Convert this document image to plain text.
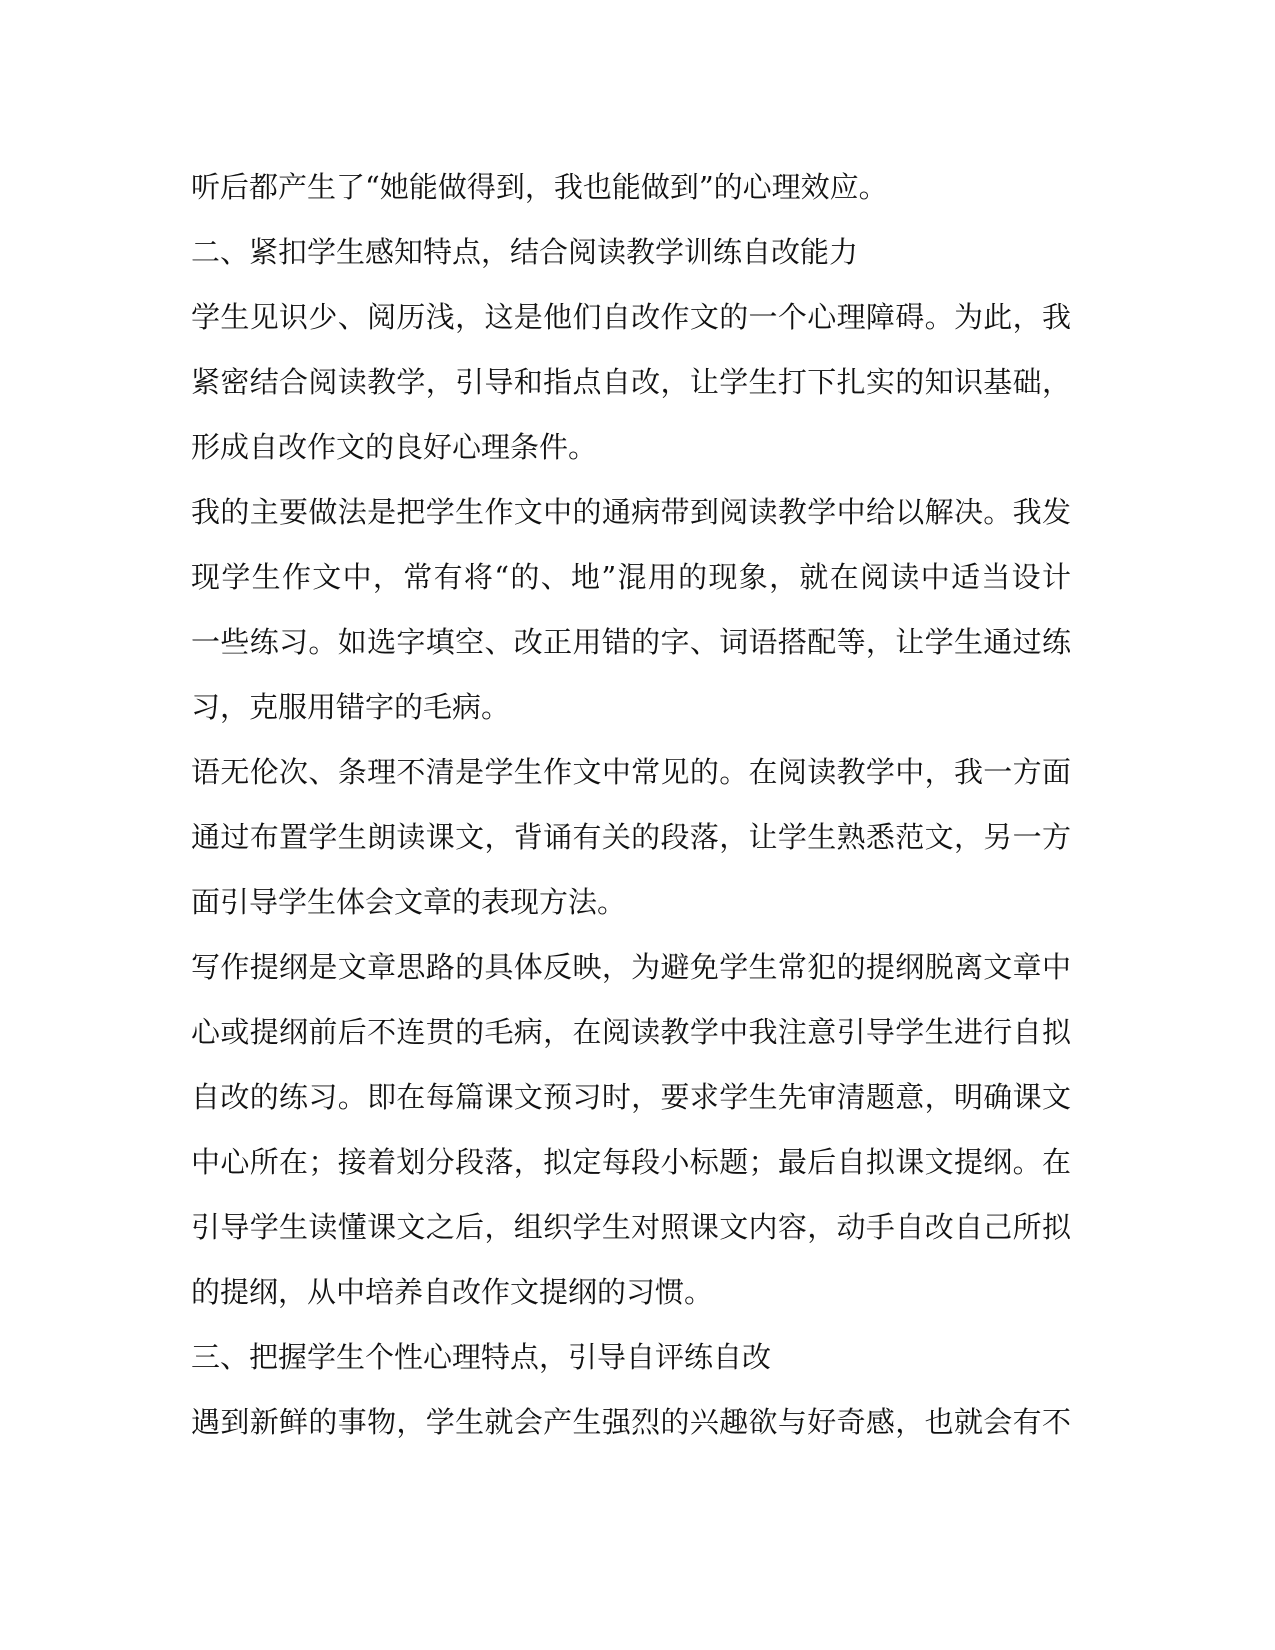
听后都产生了“她能做得到，我也能做到”的心理效应。
二、紧扣学生感知特点，结合阅读教学训练自改能力
学生见识少、阅历浅，这是他们自改作文的一个心理障碍。为此，我
紧密结合阅读教学，引导和指点自改，让学生打下扎实的知识基础，
形成自改作文的良好心理条件。
我的主要做法是把学生作文中的通病带到阅读教学中给以解决。我发
现学生作文中，常有将“的、地”混用的现象，就在阅读中适当设计
一些练习。如选字填空、改正用错的字、词语搭配等，让学生通过练
习，克服用错字的毛病。
语无伦次、条理不清是学生作文中常见的。在阅读教学中，我一方面
通过布置学生朗读课文，背诵有关的段落，让学生熟悉范文，另一方
面引导学生体会文章的表现方法。
写作提纲是文章思路的具体反映，为避免学生常犯的提纲脱离文章中
心或提纲前后不连贯的毛病，在阅读教学中我注意引导学生进行自拟
自改的练习。即在每篇课文预习时，要求学生先审清题意，明确课文
中心所在；接着划分段落，拟定每段小标题；最后自拟课文提纲。在
引导学生读懂课文之后，组织学生对照课文内容，动手自改自己所拟
的提纲，从中培养自改作文提纲的习惯。
三、把握学生个性心理特点，引导自评练自改
遇到新鲜的事物，学生就会产生强烈的兴趣欲与好奇感，也就会有不
